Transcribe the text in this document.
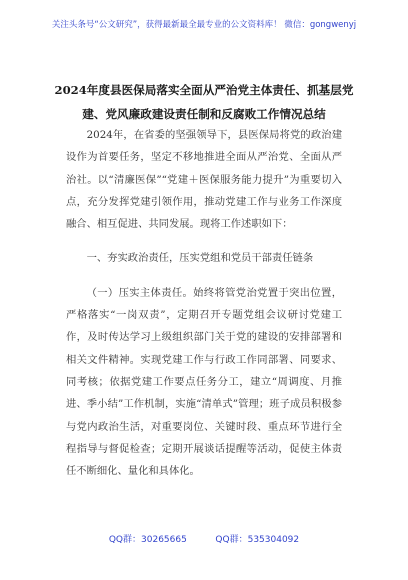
关注头条号“公文研究”，获得最新最全最专业的公文资料库！ 微信：gongwenyj
2024年度县医保局落实全面从严治党主体责任、抓基层党
建、党风廉政建设责任制和反腐败工作情况总结

2024年，在省委的坚强领导下，县医保局将党的政治建设作为首要任务，坚定不移地推进全面从严治党、全面从严治社。以“清廉医保”“党建＋医保服务能力提升”为重要切入点，充分发挥党建引领作用，推动党建工作与业务工作深度融合、相互促进、共同发展。现将工作述职如下：

一、夯实政治责任，压实党组和党员干部责任链条

（一）压实主体责任。始终将管党治党置于突出位置，严格落实“一岗双责”，定期召开专题党组会议研讨党建工作，及时传达学习上级组织部门关于党的建设的安排部署和相关文件精神。实现党建工作与行政工作同部署、同要求、同考核；依据党建工作要点任务分工，建立“周调度、月推进、季小结”工作机制，实施“清单式”管理；班子成员积极参与党内政治生活，对重要岗位、关键时段、重点环节进行全程指导与督促检查；定期开展谈话提醒等活动，促使主体责任不断细化、量化和具体化。

QQ群：30265665          QQ群：535304092
